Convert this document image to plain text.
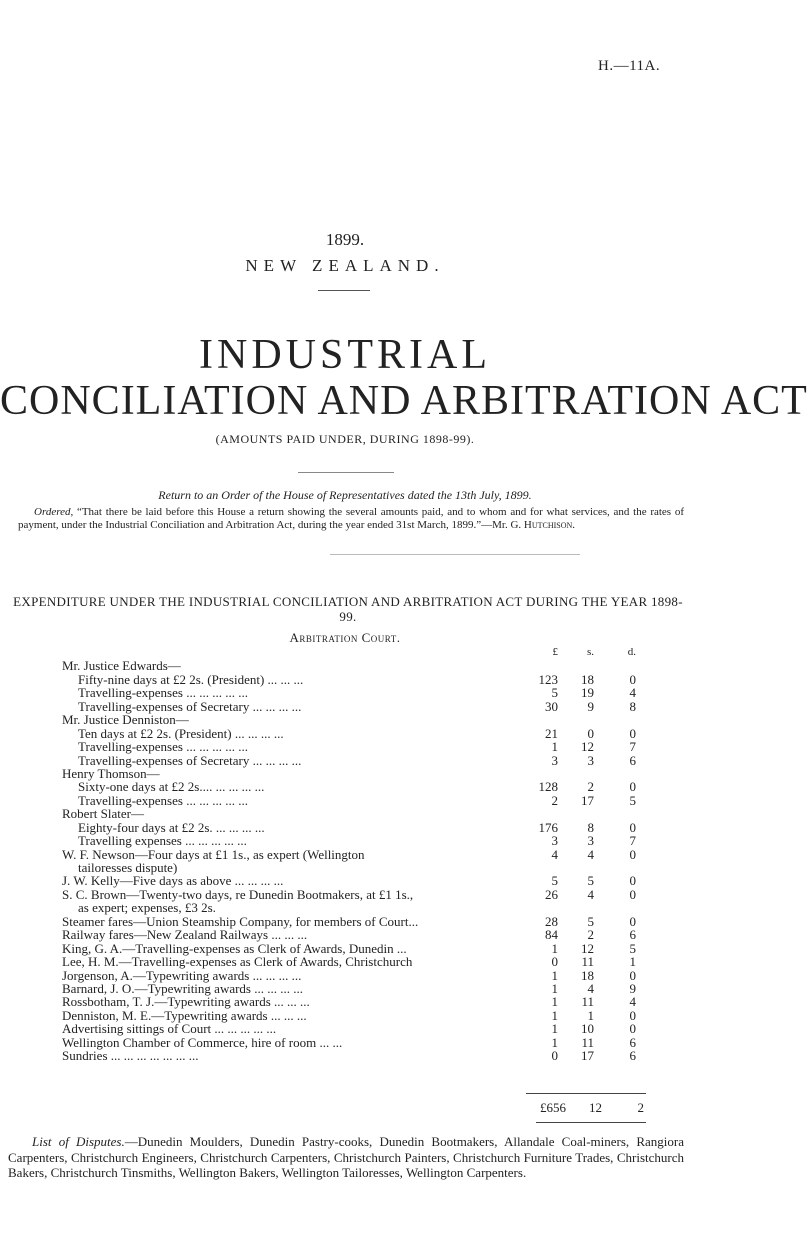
H.—11A.
1899.
NEW ZEALAND.
INDUSTRIAL
CONCILIATION AND ARBITRATION ACT
(AMOUNTS PAID UNDER, DURING 1898-99).
Return to an Order of the House of Representatives dated the 13th July, 1899.
Ordered, “That there be laid before this House a return showing the several amounts paid, and to whom and for what services, and the rates of payment, under the Industrial Conciliation and Arbitration Act, during the year ended 31st March, 1899.”—Mr. G. Hutchison.
EXPENDITURE UNDER THE INDUSTRIAL CONCILIATION AND ARBITRATION ACT DURING THE YEAR 1898-99.
Arbitration Court.
£	s.	d.
Mr. Justice Edwards—
Fifty-nine days at £2 2s. (President) ... ... ...	123 18	0
Travelling-expenses ... ... ... ... ...	5 19	4
Travelling-expenses of Secretary ... ... ... ...	30 9	8
Mr. Justice Denniston—
Ten days at £2 2s. (President) ... ... ... ...	21 0	0
Travelling-expenses ... ... ... ... ...	1 12	7
Travelling-expenses of Secretary ... ... ... ...	3 3	6
Henry Thomson—
Sixty-one days at £2 2s.... ... ... ... ...	128 2	0
Travelling-expenses ... ... ... ... ...	2 17	5
Robert Slater—
Eighty-four days at £2 2s. ... ... ... ...	176 8	0
Travelling expenses ... ... ... ... ...	3 3	7
W. F. Newson—Four days at £1 1s., as expert (Wellington	4 4	0
tailoresses dispute)
J. W. Kelly—Five days as above ... ... ... ...	5 5	0
S. C. Brown—Twenty-two days, re Dunedin Bootmakers, at £1 1s.,	26 4	0
as expert; expenses, £3 2s.
Steamer fares—Union Steamship Company, for members of Court...	28 5	0
Railway fares—New Zealand Railways ... ... ...	84 2	6
King, G. A.—Travelling-expenses as Clerk of Awards, Dunedin ...	1 12	5
Lee, H. M.—Travelling-expenses as Clerk of Awards, Christchurch	0 11	1
Jorgenson, A.—Typewriting awards ... ... ... ...	1 18	0
Barnard, J. O.—Typewriting awards ... ... ... ...	1 4	9
Rossbotham, T. J.—Typewriting awards ... ... ...	1 11	4
Denniston, M. E.—Typewriting awards ... ... ...	1 1	0
Advertising sittings of Court ... ... ... ... ...	1 10	0
Wellington Chamber of Commerce, hire of room ... ...	1 11	6
Sundries ... ... ... ... ... ... ...	0 17	6
£656 12	2
List of Disputes.—Dunedin Moulders, Dunedin Pastry-cooks, Dunedin Bootmakers, Allandale Coal-miners, Rangiora Carpenters, Christchurch Engineers, Christchurch Carpenters, Christchurch Painters, Christchurch Furniture Trades, Christchurch Bakers, Christchurch Tinsmiths, Wellington Bakers, Wellington Tailoresses, Wellington Carpenters.
